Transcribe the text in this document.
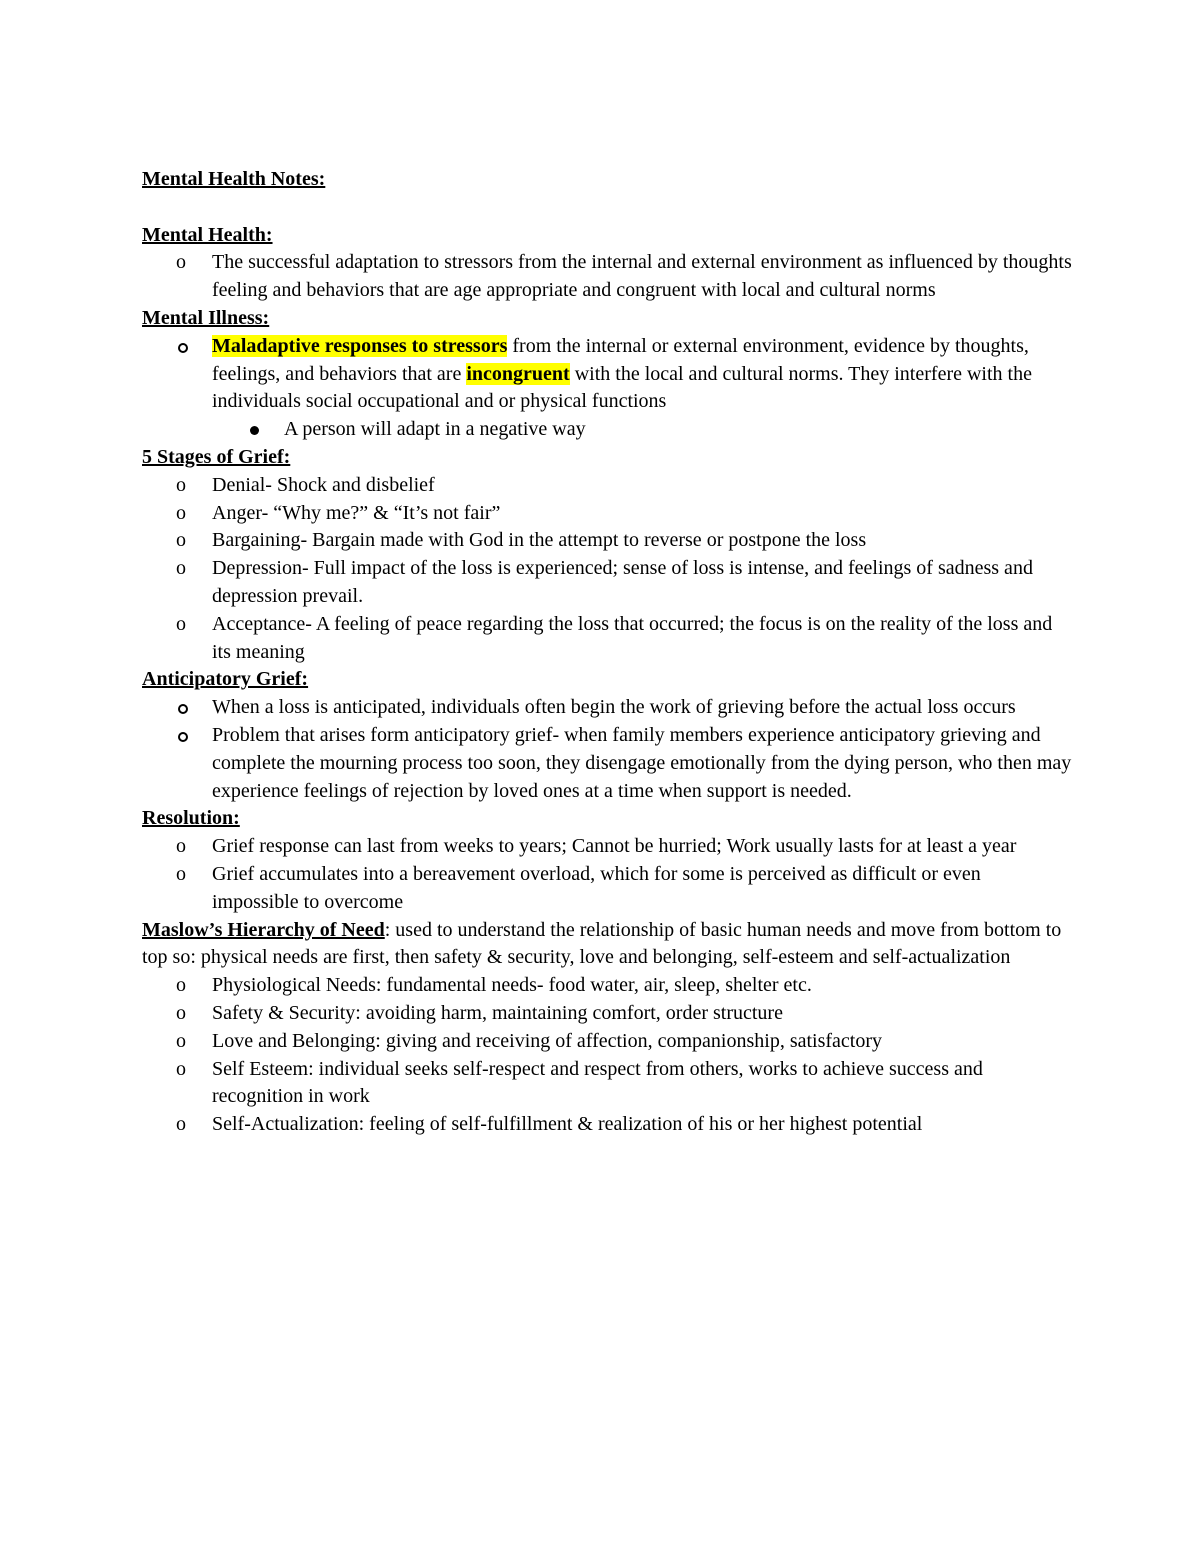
Mental Health Notes:

Mental Health:

o
The successful adaptation to stressors from the internal and external environment as influenced by thoughts feeling and behaviors that are age appropriate and congruent with local and cultural norms

Mental Illness:

Maladaptive responses to stressors from the internal or external environment, evidence by thoughts, feelings, and behaviors that are incongruent with the local and cultural norms. They interfere with the individuals social occupational and or physical functions
A person will adapt in a negative way

5 Stages of Grief:

o
Denial- Shock and disbelief
o
Anger- “Why me?” & “It’s not fair”
o
Bargaining- Bargain made with God in the attempt to reverse or postpone the loss
o
Depression- Full impact of the loss is experienced; sense of loss is intense, and feelings of sadness and depression prevail.
o
Acceptance- A feeling of peace regarding the loss that occurred; the focus is on the reality of the loss and its meaning

Anticipatory Grief:

When a loss is anticipated, individuals often begin the work of grieving before the actual loss occurs
Problem that arises form anticipatory grief- when family members experience anticipatory grieving and complete the mourning process too soon, they disengage emotionally from the dying person, who then may experience feelings of rejection by loved ones at a time when support is needed.

Resolution:

o
Grief response can last from weeks to years; Cannot be hurried; Work usually lasts for at least a year
o
Grief accumulates into a bereavement overload, which for some is perceived as difficult or even impossible to overcome

Maslow’s Hierarchy of Need: used to understand the relationship of basic human needs and move from bottom to top so: physical needs are first, then safety & security, love and belonging, self-esteem and self-actualization

o
Physiological Needs: fundamental needs- food water, air, sleep, shelter etc.
o
Safety & Security: avoiding harm, maintaining comfort, order structure
o
Love and Belonging: giving and receiving of affection, companionship, satisfactory
o
Self Esteem: individual seeks self-respect and respect from others, works to achieve success and recognition in work
o
Self-Actualization: feeling of self-fulfillment & realization of his or her highest potential
